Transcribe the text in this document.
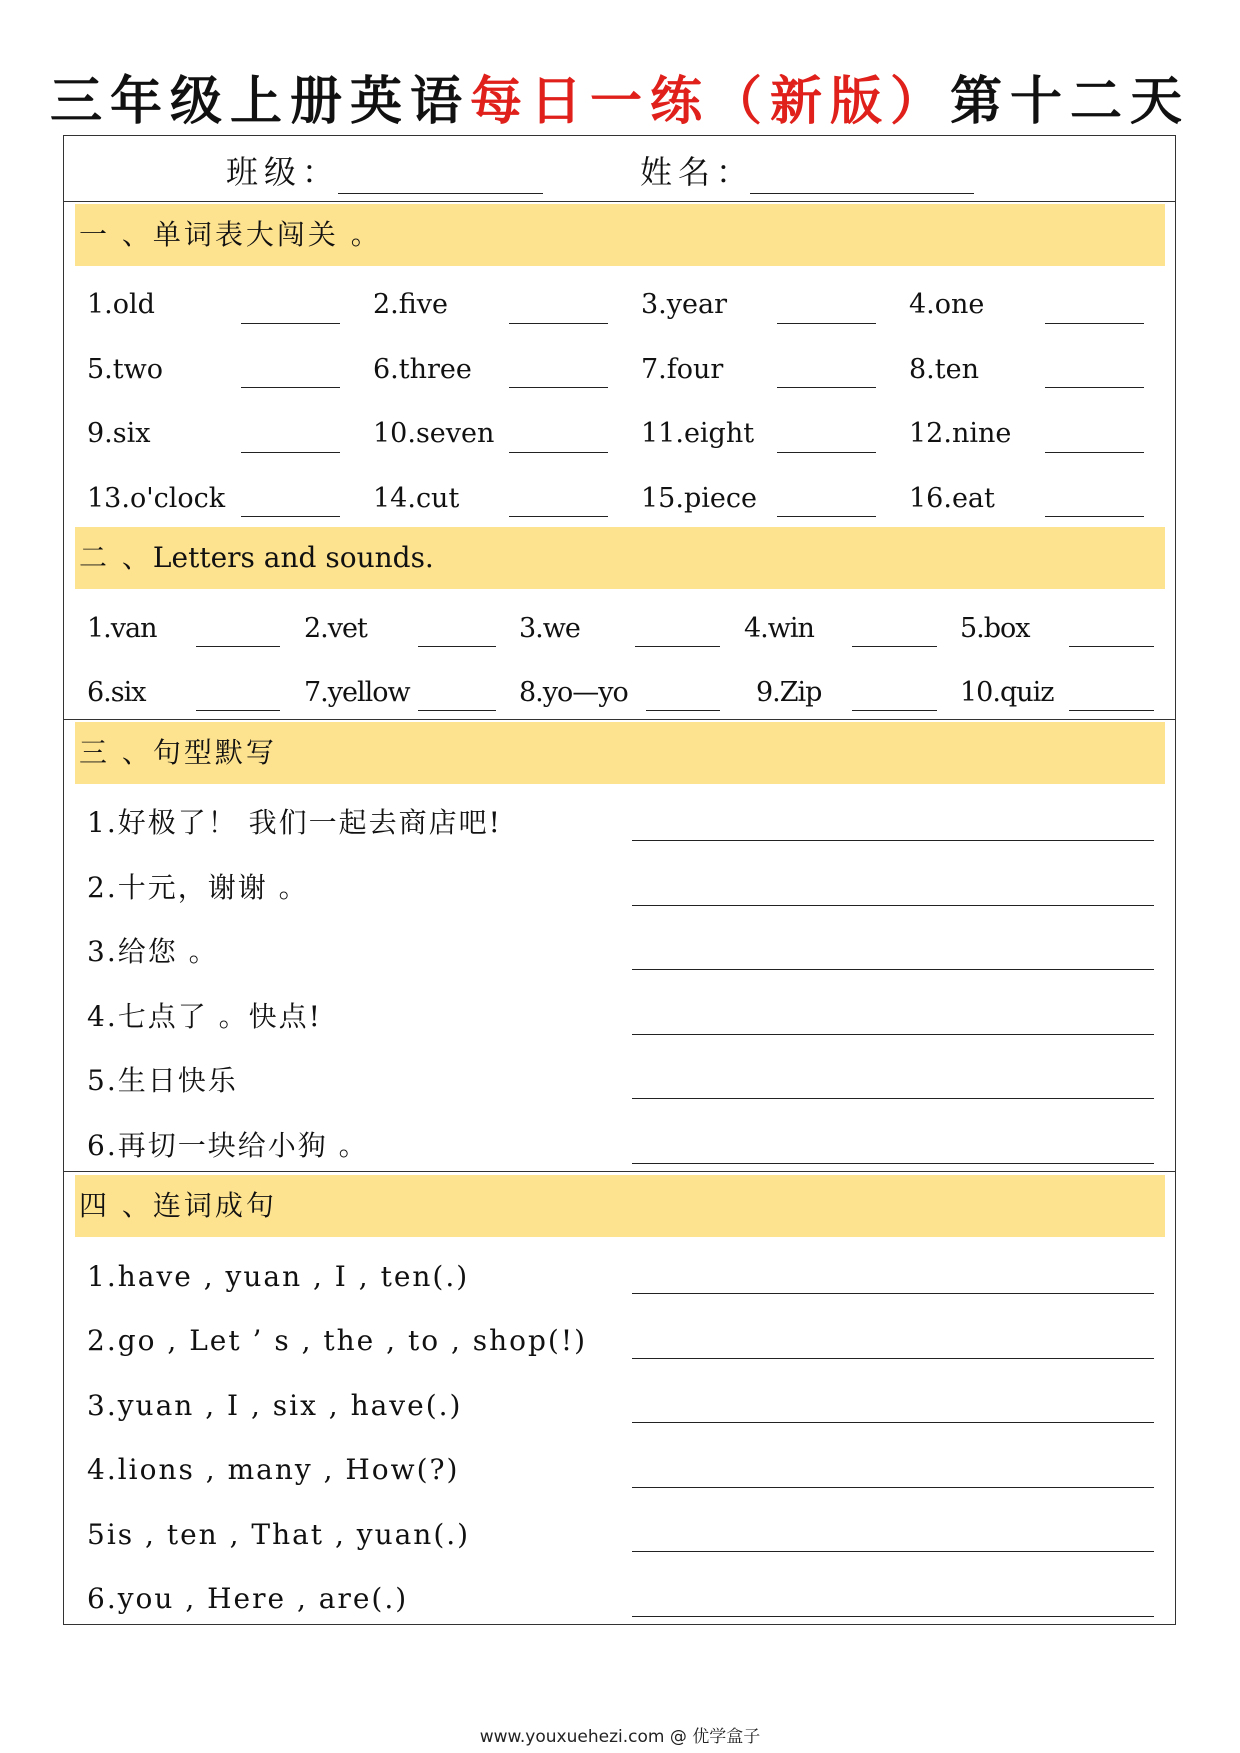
三年级上册英语每日一练（新版）第十二天
班级：	姓名：
一 、单词表大闯关 。
1.old	2.five	3.year	4.one
5.two	6.three	7.four	8.ten
9.six	10.seven	11.eight	12.nine
13.o'clock	14.cut	15.piece	16.eat
二 、Letters and sounds.
1.van	2.vet	3.we	4.win	5.box
6.six	7.yellow	8.yo—yo	9.Zip	10.quiz
三 、句型默写
1.好极了！ 我们一起去商店吧!
2.十元，谢谢 。
3.给您 。
4.七点了 。快点!
5.生日快乐
6.再切一块给小狗 。
四 、连词成句
1.have , yuan , I , ten(.)
2.go , Let ’ s , the , to , shop(!)
3.yuan , I , six , have(.)
4.lions , many , How(?)
5is , ten , That , yuan(.)
6.you , Here , are(.)
www.youxuehezi.com @ 优学盒子
